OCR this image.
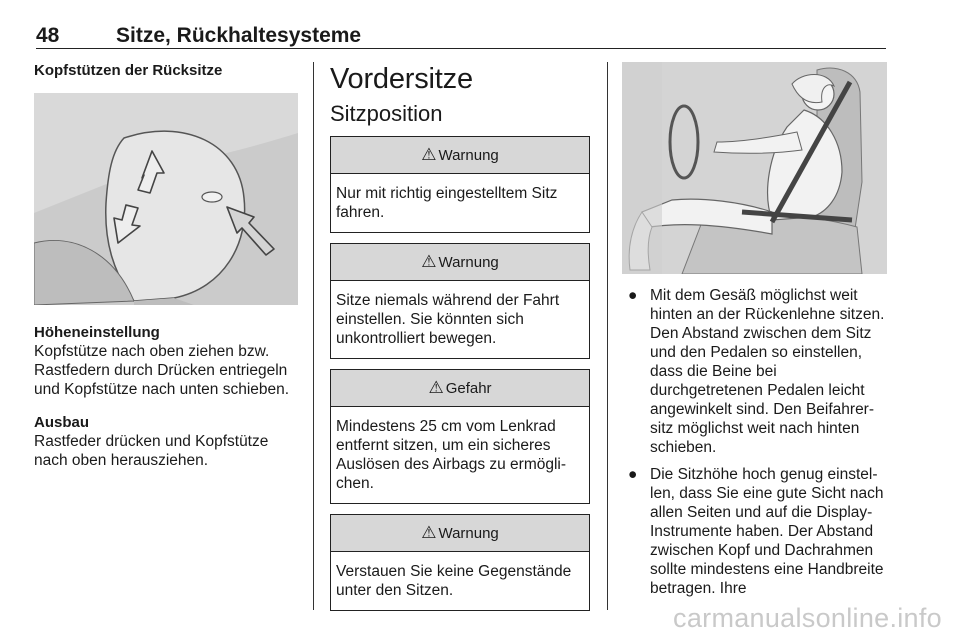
48	Sitze, Rückhaltesysteme
Kopfstützen der Rücksitze
Höheneinstellung

Kopfstütze nach oben ziehen bzw. Rastfedern durch Drücken entriegeln und Kopfstütze nach unten schieben.

Ausbau

Rastfeder drücken und Kopfstütze nach oben herausziehen.

Vordersitze
Sitzposition
⚠ Warnung
Nur mit richtig eingestelltem Sitz fahren.
⚠ Warnung
Sitze niemals während der Fahrt einstellen. Sie könnten sich unkontrolliert bewegen.
⚠ Gefahr
Mindestens 25 cm vom Lenkrad entfernt sitzen, um ein sicheres Auslösen des Airbags zu ermögli-chen.
⚠ Warnung
Verstauen Sie keine Gegenstände unter den Sitzen.
● Mit dem Gesäß möglichst weit hinten an der Rückenlehne sitzen. Den Abstand zwischen dem Sitz und den Pedalen so einstellen, dass die Beine bei durchgetretenen Pedalen leicht angewinkelt sind. Den Beifahrer-sitz möglichst weit nach hinten schieben.
● Die Sitzhöhe hoch genug einstel-len, dass Sie eine gute Sicht nach allen Seiten und auf die Display-Instrumente haben. Der Abstand zwischen Kopf und Dachrahmen sollte mindestens eine Handbreite betragen. Ihre
carmanualsonline.info
